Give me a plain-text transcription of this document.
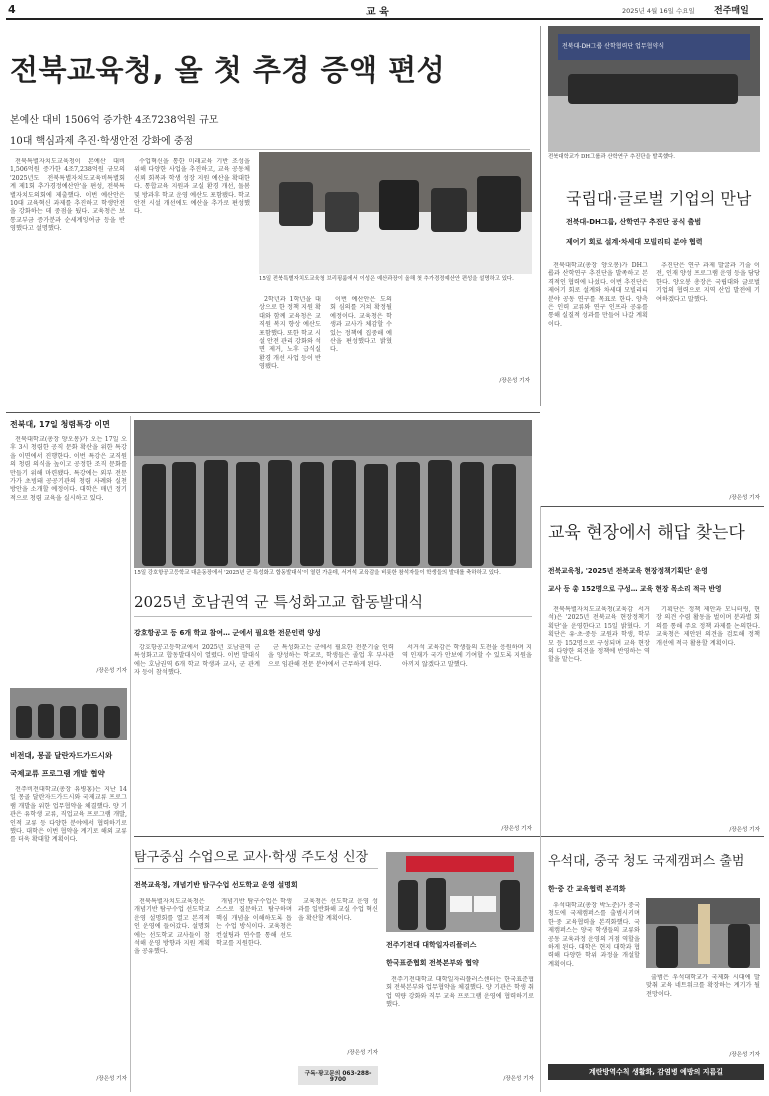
4	교 육	2025년 4월 16일 수요일 전주매일
전북교육청, 올 첫 추경 증액 편성
본예산 대비 1506억 증가한 4조7238억원 규모
10대 핵심과제 추진·학생안전 강화에 중점

전북특별자치도교육청이 본예산 대비 1,506억원 증가한 4조7,238억원 규모의 '2025년도 전북특별자치도교육비특별회계 제1회 추가경정예산안'을 편성, 전북특별자치도의회에 제출했다. 이번 예산안은 10대 교육혁신 과제를 추진하고 학생안전을 강화하는 데 중점을 뒀다. 교육청은 보통교부금 증가분과 순세계잉여금 등을 반영했다고 설명했다.

수업혁신을 통한 미래교육 기반 조성을 위해 다양한 사업을 추진하고, 교육 공동체 신뢰 회복과 학생 성장 지원 예산을 확대한다. 통합교육 지원과 교실 환경 개선, 돌봄 및 방과후 학교 운영 예산도 포함됐다. 학교 안전 시설 개선에도 예산을 추가로 편성했다.

15일 전북특별자치도교육청 브리핑룸에서 이성은 예산과장이 올해 첫 추가경정예산안 편성을 설명하고 있다.

2학년과 1학년을 대상으로 한 정책 지원 확대와 함께 교육청은 교직원 복지 향상 예산도 포함했다. 또한 학교 시설 안전 관리 강화와 석면 제거, 노후 급식실 환경 개선 사업 등이 반영됐다.

이번 예산안은 도의회 심의를 거쳐 확정될 예정이다. 교육청은 학생과 교사가 체감할 수 있는 정책에 집중해 예산을 편성했다고 밝혔다.

/장은성 기자
전북대-DH그룹 산학협력단 업무협약식
전북대학교가 DH그룹과 산학연구 추진단을 발족했다.
국립대·글로벌 기업의 만남
전북대-DH그룹, 산학연구 추진단 공식 출범
제어기 회로 설계·차세대 모빌리티 분야 협력

전북대학교(총장 양오봉)가 DH그룹과 산학연구 추진단을 발족하고 본격적인 협력에 나섰다. 이번 추진단은 제어기 회로 설계와 차세대 모빌리티 분야 공동 연구를 목표로 한다. 양측은 인력 교류와 연구 인프라 공유를 통해 실질적 성과를 만들어 나갈 계획이다.

추진단은 연구 과제 발굴과 기술 이전, 인재 양성 프로그램 운영 등을 담당한다. 양오봉 총장은 국립대와 글로벌 기업의 협력으로 지역 산업 발전에 기여하겠다고 말했다.

/장은성 기자
전북대, 17일 청렴특강 이면

전북대학교(총장 양오봉)가 오는 17일 오후 3시 청렴한 공직 문화 확산을 위한 특강을 이면에서 진행한다. 이번 특강은 교직원의 청렴 의식을 높이고 공정한 조직 문화를 만들기 위해 마련됐다. 특강에는 외부 전문가가 초빙돼 공공기관의 청렴 사례와 실천 방안을 소개할 예정이다. 대학은 매년 정기적으로 청렴 교육을 실시하고 있다.

15일 강호항공고등학교 대운동장에서 '2025년 군 특성화고 합동발대식'이 열린 가운데, 서거석 교육감을 비롯한 참석자들이 학생들의 발대를 축하하고 있다.
2025년 호남권역 군 특성화고교 합동발대식
/장은성 기자
강호항공고 등 6개 학교 참여… 군에서 필요한 전문인력 양성

강호항공고등학교에서 2025년 호남권역 군 특성화고교 합동발대식이 열렸다. 이번 발대식에는 호남권역 6개 학교 학생과 교사, 군 관계자 등이 참석했다.

군 특성화고는 군에서 필요한 전문기술 인력을 양성하는 학교로, 학생들은 졸업 후 부사관으로 임관해 전문 분야에서 근무하게 된다.

서거석 교육감은 학생들의 도전을 응원하며 지역 인재가 국가 안보에 기여할 수 있도록 지원을 아끼지 않겠다고 말했다.

/장은성 기자
비전대, 몽골 달란자드가드시와
국제교류 프로그램 개발 협약

전주비전대학교(총장 유병홍)는 지난 14일 몽골 달란자드가드시와 국제교류 프로그램 개발을 위한 업무협약을 체결했다. 양 기관은 유학생 교류, 직업교육 프로그램 개발, 인적 교류 등 다양한 분야에서 협력하기로 했다. 대학은 이번 협약을 계기로 해외 교류를 더욱 확대할 계획이다.

/장은성 기자
교육 현장에서 해답 찾는다
전북교육청, '2025년 전북교육 현장정책기획단' 운영
교사 등 총 152명으로 구성… 교육 현장 목소리 적극 반영

전북특별자치도교육청(교육감 서거석)은 '2025년 전북교육 현장정책기획단'을 운영한다고 15일 밝혔다. 기획단은 유·초·중등 교원과 학생, 학부모 등 152명으로 구성되며 교육 현장의 다양한 의견을 정책에 반영하는 역할을 맡는다.

기획단은 정책 제안과 모니터링, 현장 의견 수렴 활동을 벌이며 분과별 회의를 통해 주요 정책 과제를 논의한다. 교육청은 제안된 의견을 검토해 정책 개선에 적극 활용할 계획이다.

/장은성 기자
탐구중심 수업으로 교사·학생 주도성 신장
전북교육청, 개념기반 탐구수업 선도학교 운영 설명회

전북특별자치도교육청은 개념기반 탐구수업 선도학교 운영 설명회를 열고 본격적인 운영에 들어갔다. 설명회에는 선도학교 교사들이 참석해 운영 방향과 지원 계획을 공유했다.

개념기반 탐구수업은 학생 스스로 질문하고 탐구하며 핵심 개념을 이해하도록 돕는 수업 방식이다. 교육청은 컨설팅과 연수를 통해 선도학교를 지원한다.

교육청은 선도학교 운영 성과를 일반화해 교실 수업 혁신을 확산할 계획이다.

/장은성 기자
구독·광고문의 063-288-9700
전주기전대 대학일자리플러스
한국표준협회 전북본부와 협약

전주기전대학교 대학일자리플러스센터는 한국표준협회 전북본부와 업무협약을 체결했다. 양 기관은 학생 취업 역량 강화와 직무 교육 프로그램 운영에 협력하기로 했다.

/장은성 기자
우석대, 중국 청도 국제캠퍼스 출범
한·중 간 교육협력 본격화

우석대학교(총장 박노준)가 중국 청도에 국제캠퍼스를 출범시키며 한·중 교육협력을 본격화했다. 국제캠퍼스는 양국 학생들의 교류와 공동 교육과정 운영의 거점 역할을 하게 된다. 대학은 현지 대학과 협력해 다양한 학위 과정을 개설할 계획이다.

출범은 우석대학교가 국제화 시대에 발맞춰 교육 네트워크를 확장하는 계기가 될 전망이다.

/장은성 기자
계란방역수칙 생활화, 감염병 예방의 지름길
